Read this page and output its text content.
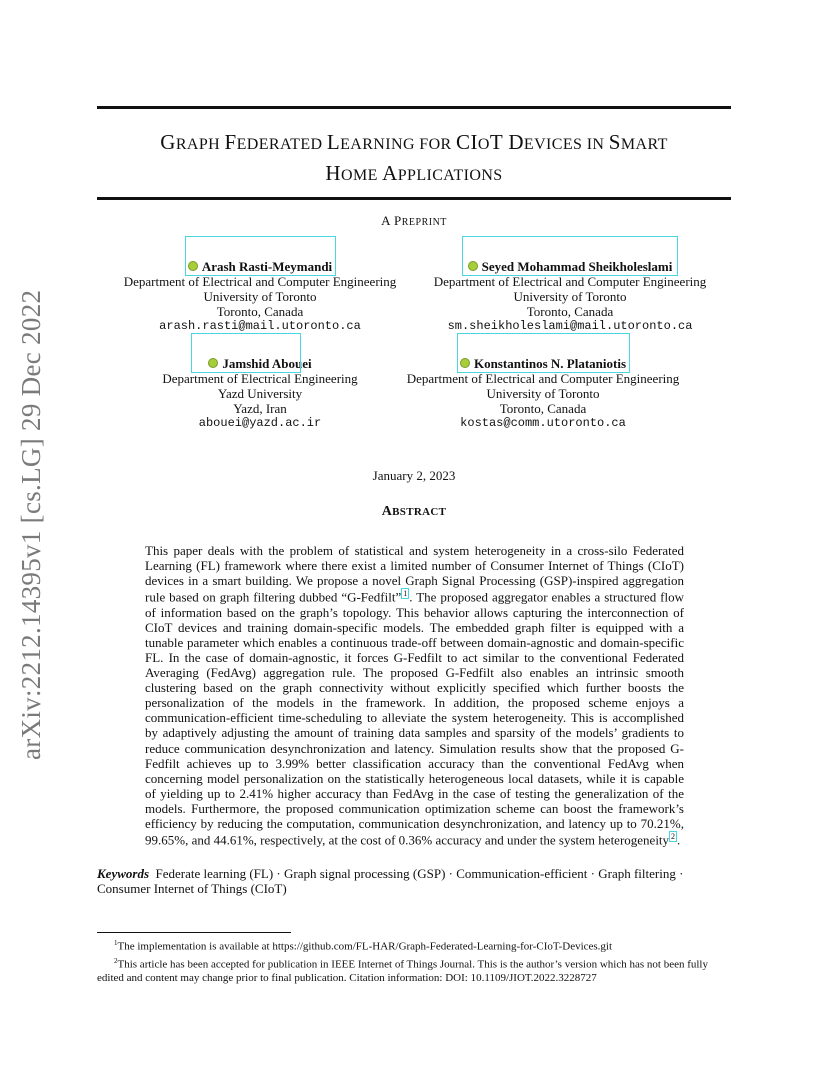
arXiv:2212.14395v1 [cs.LG] 29 Dec 2022
GRAPH FEDERATED LEARNING FOR CIOT DEVICES IN SMART
HOME APPLICATIONS
A PREPRINT
Arash Rasti-Meymandi
Department of Electrical and Computer Engineering
University of Toronto
Toronto, Canada
arash.rasti@mail.utoronto.ca
Seyed Mohammad Sheikholeslami
Department of Electrical and Computer Engineering
University of Toronto
Toronto, Canada
sm.sheikholeslami@mail.utoronto.ca
Jamshid Abouei
Department of Electrical Engineering
Yazd University
Yazd, Iran
abouei@yazd.ac.ir
Konstantinos N. Plataniotis
Department of Electrical and Computer Engineering
University of Toronto
Toronto, Canada
kostas@comm.utoronto.ca
January 2, 2023
ABSTRACT
This paper deals with the problem of statistical and system heterogeneity in a cross-silo Federated Learning (FL) framework where there exist a limited number of Consumer Internet of Things (CIoT) devices in a smart building. We propose a novel Graph Signal Processing (GSP)-inspired aggregation rule based on graph filtering dubbed “G-Fedfilt” 1 . The proposed aggregator enables a structured flow of information based on the graph’s topology. This behavior allows capturing the interconnection of CIoT devices and training domain-specific models. The embedded graph filter is equipped with a tunable parameter which enables a continuous trade-off between domain-agnostic and domain-specific FL. In the case of domain-agnostic, it forces G-Fedfilt to act similar to the conventional Federated Averaging (FedAvg) aggregation rule. The proposed G-Fedfilt also enables an intrinsic smooth clustering based on the graph connectivity without explicitly specified which further boosts the personalization of the models in the framework. In addition, the proposed scheme enjoys a communication-efficient time-scheduling to alleviate the system heterogeneity. This is accomplished by adaptively adjusting the amount of training data samples and sparsity of the models’ gradients to reduce communication desynchronization and latency. Simulation results show that the proposed G-Fedfilt achieves up to 3.99% better classification accuracy than the conventional FedAvg when concerning model personalization on the statistically heterogeneous local datasets, while it is capable of yielding up to 2.41% higher accuracy than FedAvg in the case of testing the generalization of the models. Furthermore, the proposed communication optimization scheme can boost the framework’s efficiency by reducing the computation, communication desynchronization, and latency up to 70.21%, 99.65%, and 44.61%, respectively, at the cost of 0.36% accuracy and under the system heterogeneity 2 .
Keywords Federate learning (FL) · Graph signal processing (GSP) · Communication-efficient · Graph filtering · Consumer Internet of Things (CIoT)
$^1$The implementation is available at https://github.com/FL-HAR/Graph-Federated-Learning-for-CIoT-Devices.git
$^2$This article has been accepted for publication in IEEE Internet of Things Journal. This is the author’s version which has not been fully edited and content may change prior to final publication. Citation information: DOI: 10.1109/JIOT.2022.3228727
